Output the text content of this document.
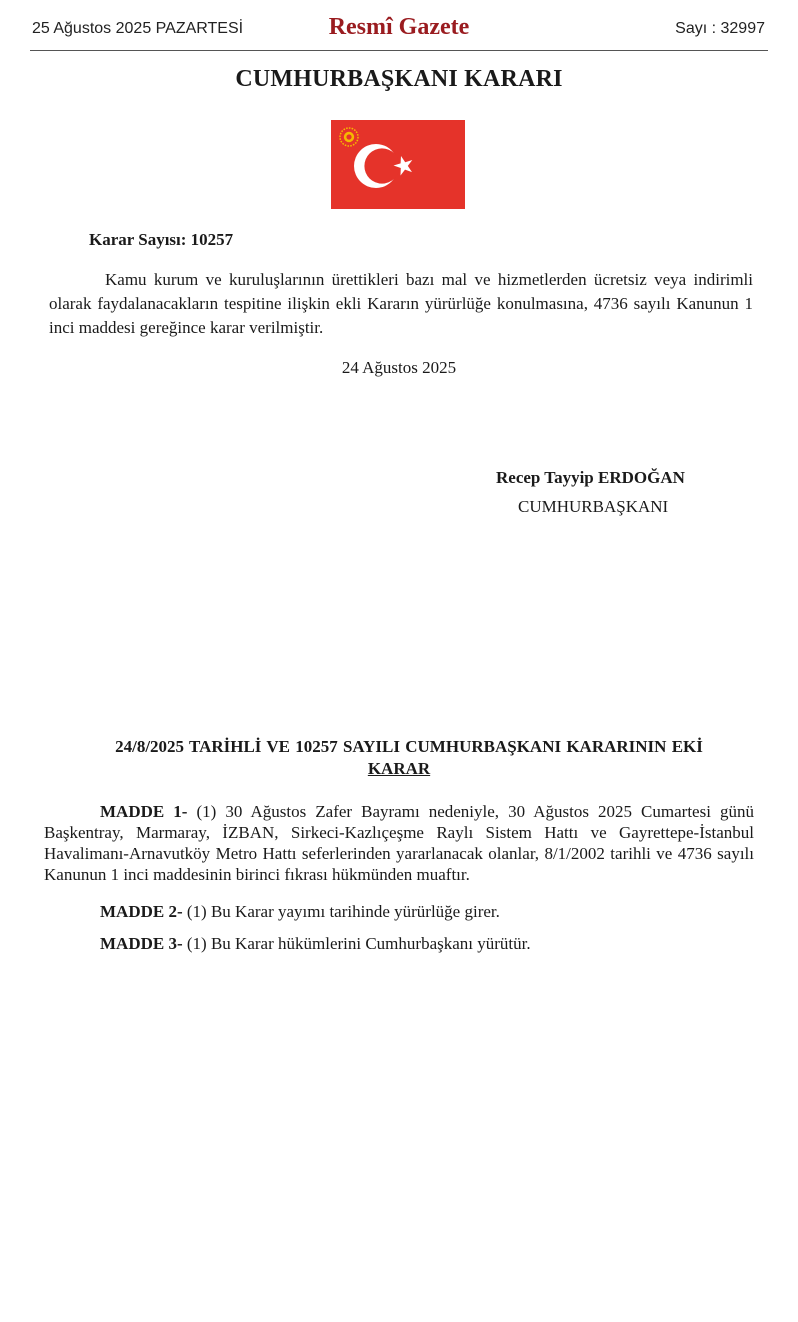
25 Ağustos 2025 PAZARTESİ	Resmî Gazete	Sayı : 32997
CUMHURBAŞKANI KARARI
Karar Sayısı: 10257

Kamu kurum ve kuruluşlarının ürettikleri bazı mal ve hizmetlerden ücretsiz veya indirimli olarak faydalanacakların tespitine ilişkin ekli Kararın yürürlüğe konulmasına, 4736 sayılı Kanunun 1 inci maddesi gereğince karar verilmiştir.

24 Ağustos 2025
Recep Tayyip ERDOĞAN
CUMHURBAŞKANI
24/8/2025 TARİHLİ VE 10257 SAYILI CUMHURBAŞKANI KARARININ EKİ
KARAR

MADDE 1- (1) 30 Ağustos Zafer Bayramı nedeniyle, 30 Ağustos 2025 Cumartesi günü Başkentray, Marmaray, İZBAN, Sirkeci-Kazlıçeşme Raylı Sistem Hattı ve Gayrettepe-İstanbul Havalimanı-Arnavutköy Metro Hattı seferlerinden yararlanacak olanlar, 8/1/2002 tarihli ve 4736 sayılı Kanunun 1 inci maddesinin birinci fıkrası hükmünden muaftır.

MADDE 2- (1) Bu Karar yayımı tarihinde yürürlüğe girer.

MADDE 3- (1) Bu Karar hükümlerini Cumhurbaşkanı yürütür.
